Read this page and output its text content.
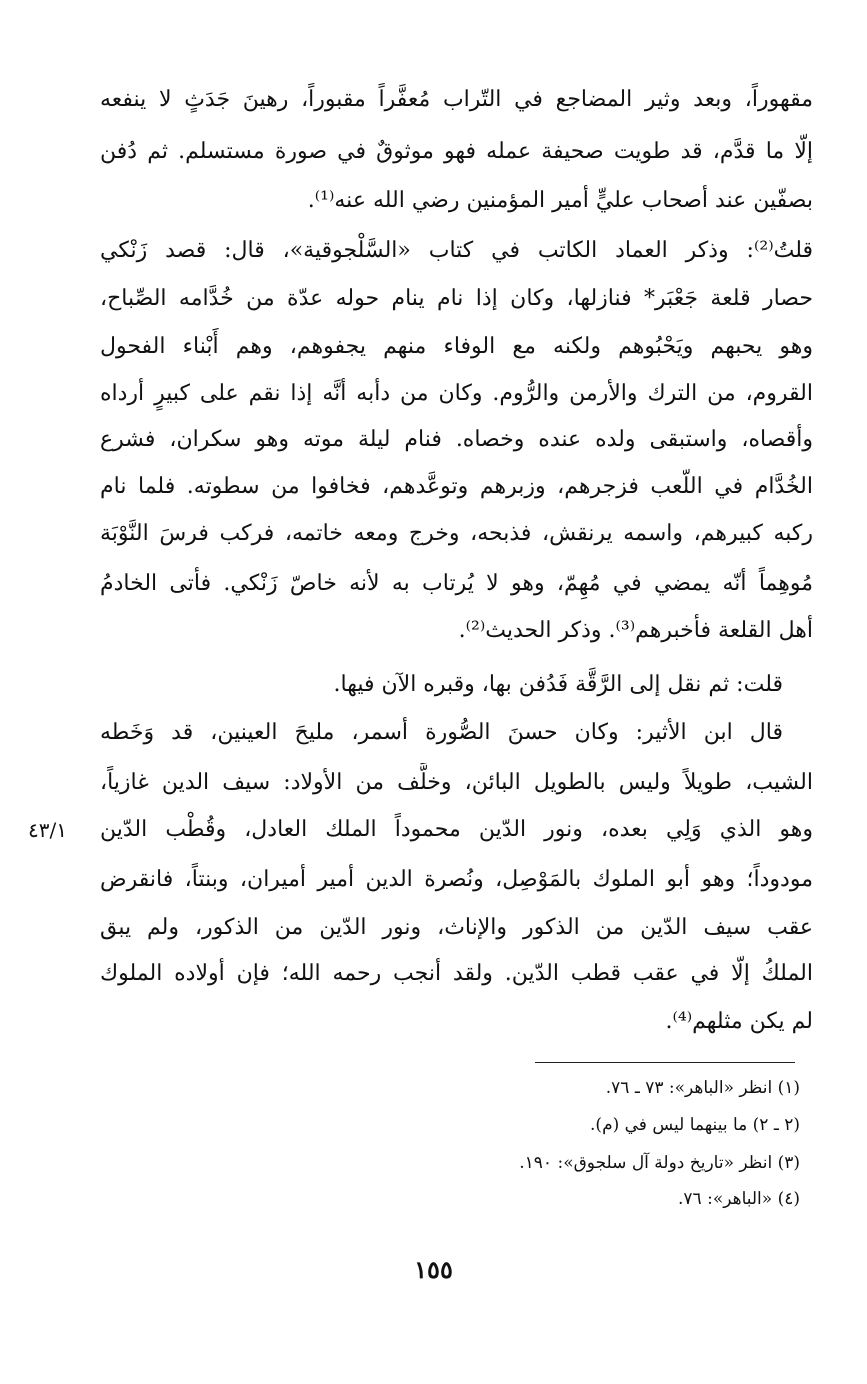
مقهوراً، وبعد وثير المضاجع في التّراب مُعفَّراً مقبوراً، رهينَ جَدَثٍ لا ينفعه
إلّا ما قدَّم، قد طويت صحيفة عمله فهو موثوقٌ في صورة مستسلم. ثم دُفن
بصفّين عند أصحاب عليٍّ أمير المؤمنين رضي الله عنه⁽¹⁾.
قلتُ⁽²⁾: وذكر العماد الكاتب في كتاب «السَّلْجوقية»، قال: قصد زَنْكي
حصار قلعة جَعْبَر* فنازلها، وكان إذا نام ينام حوله عدّة من خُدَّامه الصِّباح،
وهو يحبهم ويَحْبُوهم ولكنه مع الوفاء منهم يجفوهم، وهم أَبْناء الفحول
القروم، من الترك والأرمن والرُّوم. وكان من دأبه أنَّه إذا نقم على كبيرٍ أرداه
وأقصاه، واستبقى ولده عنده وخصاه. فنام ليلة موته وهو سكران، فشرع
الخُدَّام في اللّعب فزجرهم، وزبرهم وتوعَّدهم، فخافوا من سطوته. فلما نام
ركبه كبيرهم، واسمه يرنقش، فذبحه، وخرج ومعه خاتمه، فركب فرسَ النَّوْبَة
مُوهِماً أنّه يمضي في مُهِمّ، وهو لا يُرتاب به لأنه خاصّ زَنْكي. فأتى الخادمُ
أهل القلعة فأخبرهم⁽³⁾. وذكر الحديث⁽²⁾.
قلت: ثم نقل إلى الرَّقَّة فَدُفن بها، وقبره الآن فيها.
قال ابن الأثير: وكان حسنَ الصُّورة أسمر، مليحَ العينين، قد وَخَطه
الشيب، طويلاً وليس بالطويل البائن، وخلَّف من الأولاد: سيف الدين غازياً،
وهو الذي وَلِي بعده، ونور الدّين محموداً الملك العادل، وقُطْب الدّين
مودوداً؛ وهو أبو الملوك بالمَوْصِل، ونُصرة الدين أمير أميران، وبنتاً، فانقرض
عقب سيف الدّين من الذكور والإناث، ونور الدّين من الذكور، ولم يبق
الملكُ إلّا في عقب قطب الدّين. ولقد أنجب رحمه الله؛ فإن أولاده الملوك
لم يكن مثلهم⁽⁴⁾.
٤٣/١
(١) انظر «الباهر»: ٧٣ ـ ٧٦.
(٢ ـ ٢) ما بينهما ليس في (م).
(٣) انظر «تاريخ دولة آل سلجوق»: ١٩٠.
(٤) «الباهر»: ٧٦.
١٥٥
